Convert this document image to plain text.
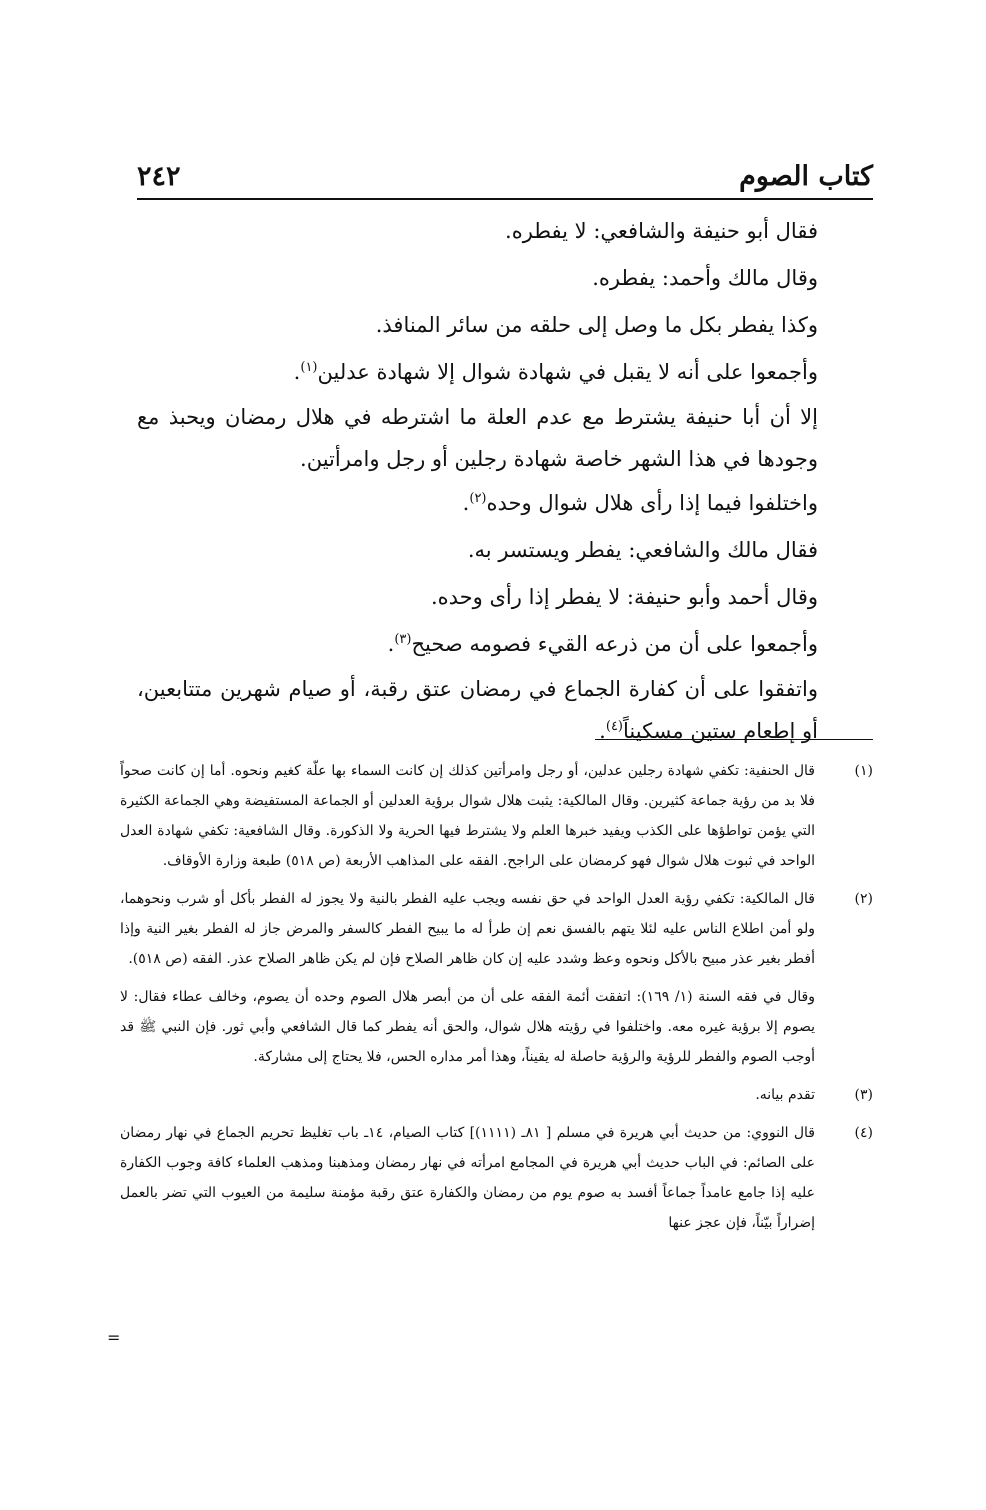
كتاب الصوم
٢٤٢

فقال أبو حنيفة والشافعي: لا يفطره.

وقال مالك وأحمد: يفطره.

وكذا يفطر بكل ما وصل إلى حلقه من سائر المنافذ.

وأجمعوا على أنه لا يقبل في شهادة شوال إلا شهادة عدلين$^{(١)}$.

إلا أن أبا حنيفة يشترط مع عدم العلة ما اشترطه في هلال رمضان ويحبذ مع وجودها في هذا الشهر خاصة شهادة رجلين أو رجل وامرأتين.

واختلفوا فيما إذا رأى هلال شوال وحده$^{(٢)}$.

فقال مالك والشافعي: يفطر ويستسر به.

وقال أحمد وأبو حنيفة: لا يفطر إذا رأى وحده.

وأجمعوا على أن من ذرعه القيء فصومه صحيح$^{(٣)}$.

واتفقوا على أن كفارة الجماع في رمضان عتق رقبة، أو صيام شهرين متتابعين، أو إطعام ستين مسكيناً$^{(٤)}$.

(١)
قال الحنفية: تكفي شهادة رجلين عدلين، أو رجل وامرأتين كذلك إن كانت السماء بها علّة كغيم ونحوه. أما إن كانت صحواً فلا بد من رؤية جماعة كثيرين. وقال المالكية: يثبت هلال شوال برؤية العدلين أو الجماعة المستفيضة وهي الجماعة الكثيرة التي يؤمن تواطؤها على الكذب ويفيد خبرها العلم ولا يشترط فيها الحرية ولا الذكورة. وقال الشافعية: تكفي شهادة العدل الواحد في ثبوت هلال شوال فهو كرمضان على الراجح. الفقه على المذاهب الأربعة (ص ٥١٨) طبعة وزارة الأوقاف.
(٢)
قال المالكية: تكفي رؤية العدل الواحد في حق نفسه ويجب عليه الفطر بالنية ولا يجوز له الفطر بأكل أو شرب ونحوهما، ولو أمن اطلاع الناس عليه لئلا يتهم بالفسق نعم إن طرأ له ما يبيح الفطر كالسفر والمرض جاز له الفطر بغير النية وإذا أفطر بغير عذر مبيح بالأكل ونحوه وعظ وشدد عليه إن كان ظاهر الصلاح فإن لم يكن ظاهر الصلاح عذر. الفقه (ص ٥١٨).
وقال في فقه السنة (١/ ١٦٩): اتفقت أئمة الفقه على أن من أبصر هلال الصوم وحده أن يصوم، وخالف عطاء فقال: لا يصوم إلا برؤية غيره معه. واختلفوا في رؤيته هلال شوال، والحق أنه يفطر كما قال الشافعي وأبي ثور. فإن النبي ﷺ قد أوجب الصوم والفطر للرؤية والرؤية حاصلة له يقيناً، وهذا أمر مداره الحس، فلا يحتاج إلى مشاركة.
(٣)
تقدم بيانه.
(٤)
قال النووي: من حديث أبي هريرة في مسلم [ ٨١ـ (١١١١)] كتاب الصيام، ١٤ـ باب تغليظ تحريم الجماع في نهار رمضان على الصائم: في الباب حديث أبي هريرة في المجامع امرأته في نهار رمضان ومذهبنا ومذهب العلماء كافة وجوب الكفارة عليه إذا جامع عامداً جماعاً أفسد به صوم يوم من رمضان والكفارة عتق رقبة مؤمنة سليمة من العيوب التي تضر بالعمل إضراراً بيّناً، فإن عجز عنها
=
